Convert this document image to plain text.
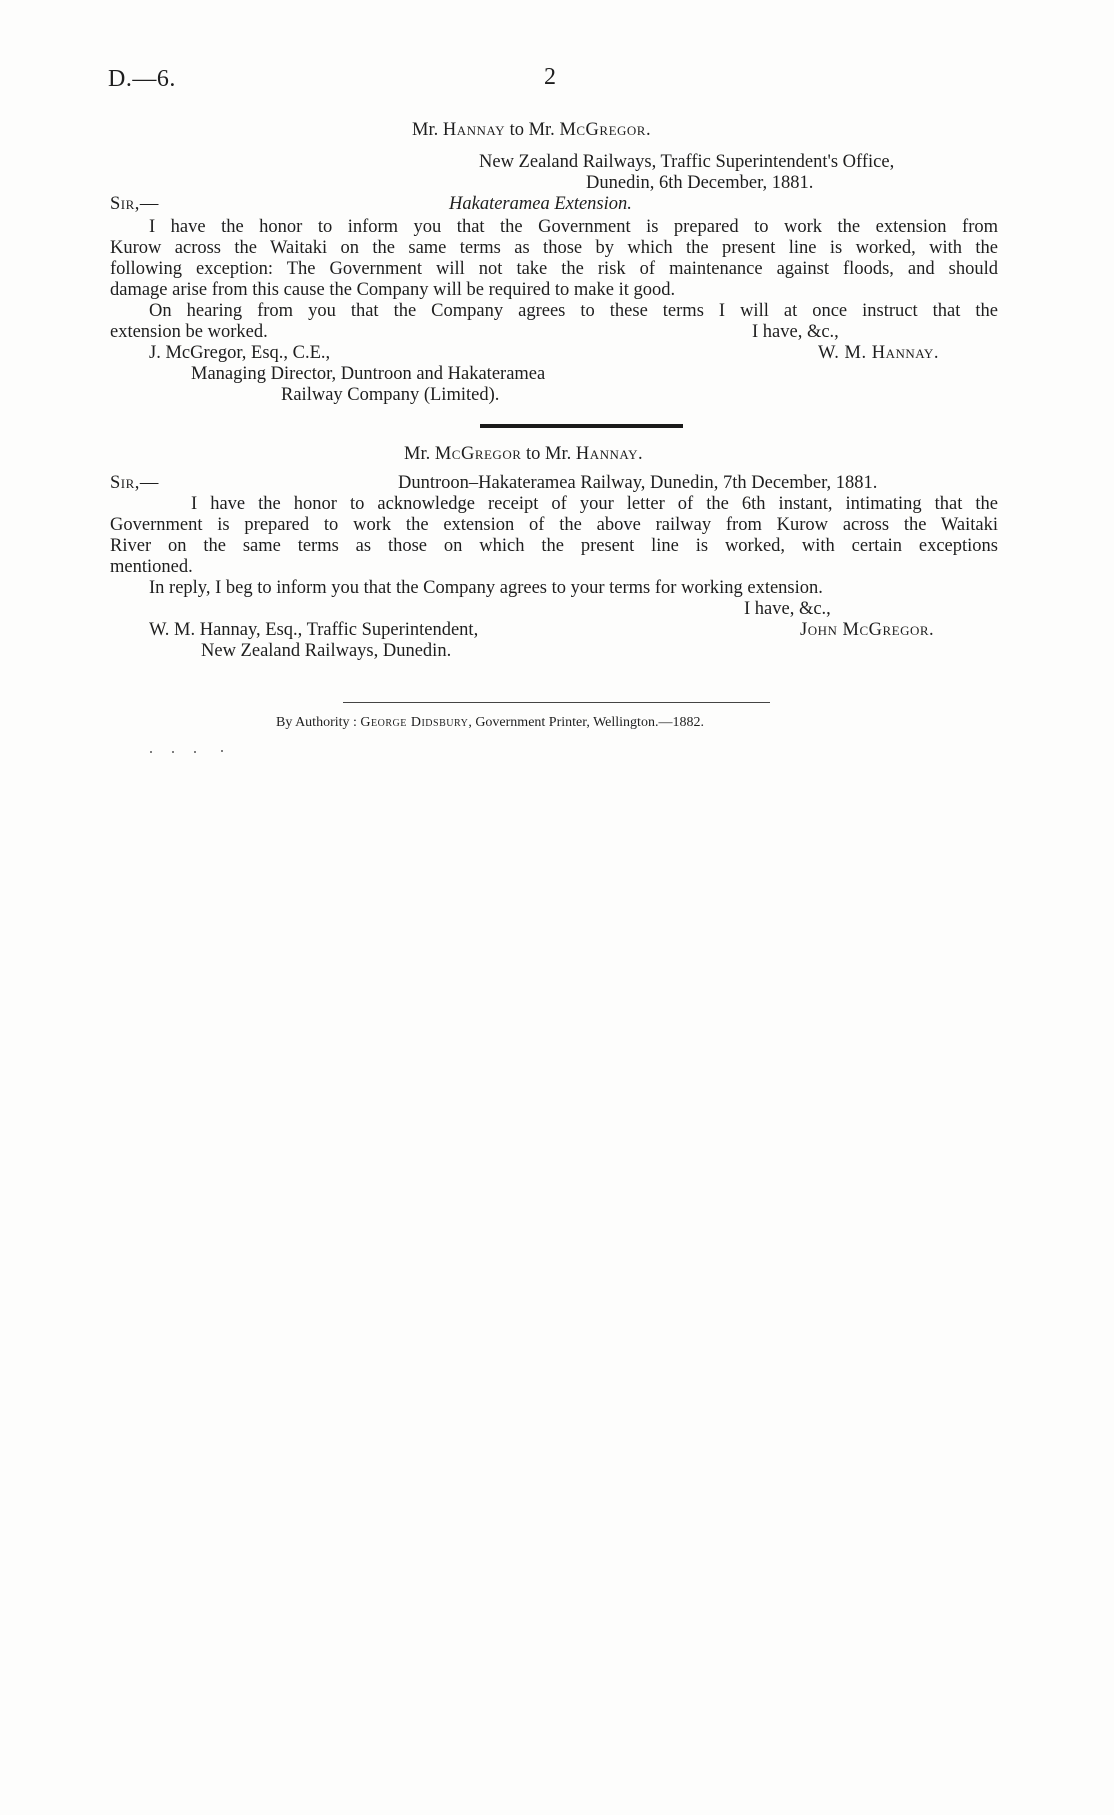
D.—6.	2
Mr. Hannay to Mr. McGregor.
New Zealand Railways, Traffic Superintendent's Office,
Dunedin, 6th December, 1881.
Sir,—	Hakateramea Extension.
I have the honor to inform you that the Government is prepared to work the extension from
Kurow across the Waitaki on the same terms as those by which the present line is worked, with the
following exception: The Government will not take the risk of maintenance against floods, and should
damage arise from this cause the Company will be required to make it good.
On hearing from you that the Company agrees to these terms I will at once instruct that the
extension be worked.	I have, &c.,
J. McGregor, Esq., C.E.,	W. M. Hannay.
Managing Director, Duntroon and Hakateramea
Railway Company (Limited).
Mr. McGregor to Mr. Hannay.
Sir,—	Duntroon–Hakateramea Railway, Dunedin, 7th December, 1881.
I have the honor to acknowledge receipt of your letter of the 6th instant, intimating that the
Government is prepared to work the extension of the above railway from Kurow across the Waitaki
River on the same terms as those on which the present line is worked, with certain exceptions
mentioned.
In reply, I beg to inform you that the Company agrees to your terms for working extension.
I have, &c.,
W. M. Hannay, Esq., Traffic Superintendent,	John McGregor.
New Zealand Railways, Dunedin.
By Authority : George Didsbury, Government Printer, Wellington.—1882.
